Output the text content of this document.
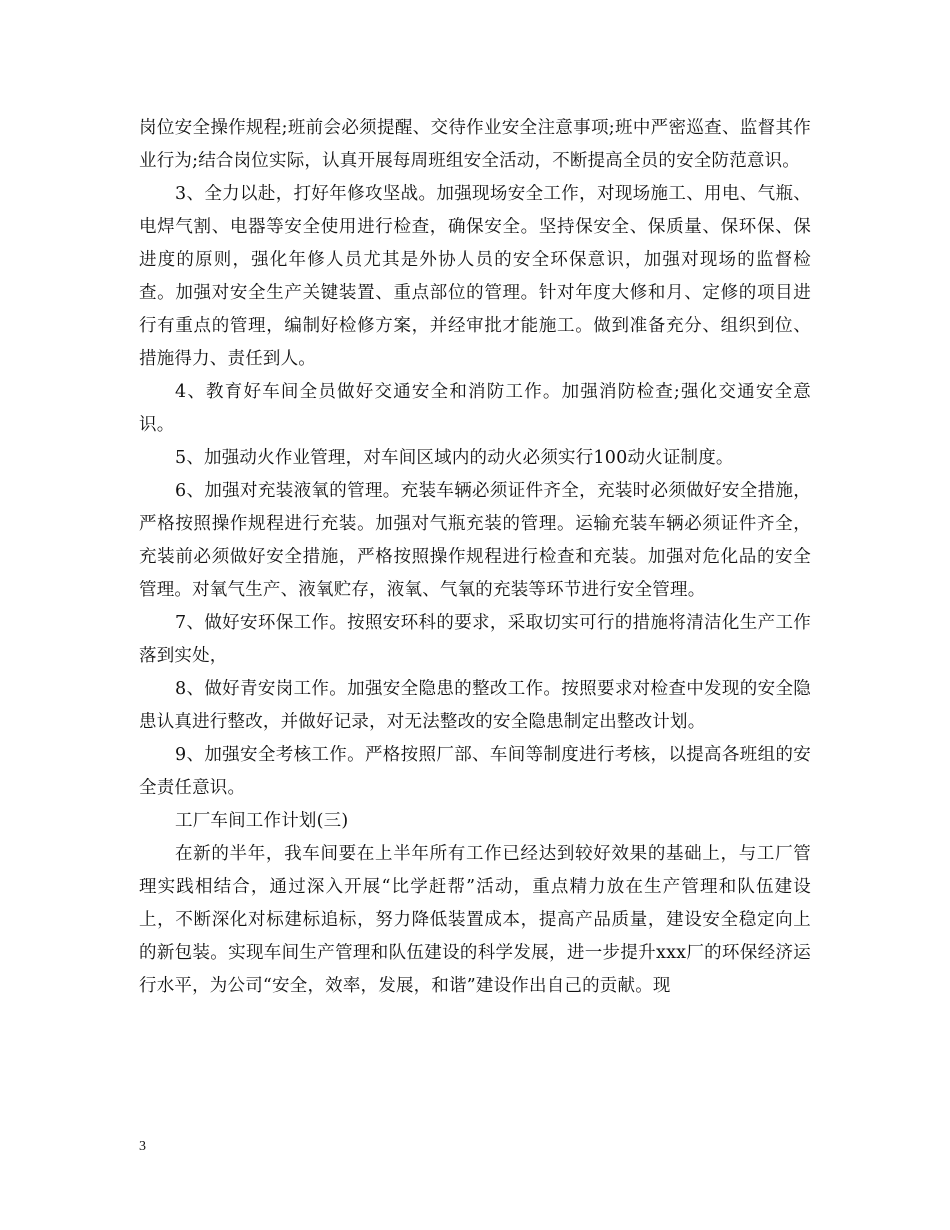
岗位安全操作规程;班前会必须提醒、交待作业安全注意事项;班中严密巡查、监督其作业行为;结合岗位实际，认真开展每周班组安全活动，不断提高全员的安全防范意识。

3、全力以赴，打好年修攻坚战。加强现场安全工作，对现场施工、用电、气瓶、电焊气割、电器等安全使用进行检查，确保安全。坚持保安全、保质量、保环保、保进度的原则，强化年修人员尤其是外协人员的安全环保意识，加强对现场的监督检查。加强对安全生产关键装置、重点部位的管理。针对年度大修和月、定修的项目进行有重点的管理，编制好检修方案，并经审批才能施工。做到准备充分、组织到位、措施得力、责任到人。

4、教育好车间全员做好交通安全和消防工作。加强消防检查;强化交通安全意识。

5、加强动火作业管理，对车间区域内的动火必须实行100动火证制度。

6、加强对充装液氧的管理。充装车辆必须证件齐全，充装时必须做好安全措施，严格按照操作规程进行充装。加强对气瓶充装的管理。运输充装车辆必须证件齐全，充装前必须做好安全措施，严格按照操作规程进行检查和充装。加强对危化品的安全管理。对氧气生产、液氧贮存，液氧、气氧的充装等环节进行安全管理。

7、做好安环保工作。按照安环科的要求，采取切实可行的措施将清洁化生产工作落到实处，

8、做好青安岗工作。加强安全隐患的整改工作。按照要求对检查中发现的安全隐患认真进行整改，并做好记录，对无法整改的安全隐患制定出整改计划。

9、加强安全考核工作。严格按照厂部、车间等制度进行考核，以提高各班组的安全责任意识。

工厂车间工作计划(三)

在新的半年，我车间要在上半年所有工作已经达到较好效果的基础上，与工厂管理实践相结合，通过深入开展“比学赶帮”活动，重点精力放在生产管理和队伍建设上，不断深化对标建标追标，努力降低装置成本，提高产品质量，建设安全稳定向上的新包装。实现车间生产管理和队伍建设的科学发展，进一步提升xxx厂的环保经济运行水平，为公司“安全，效率，发展，和谐”建设作出自己的贡献。现

3
